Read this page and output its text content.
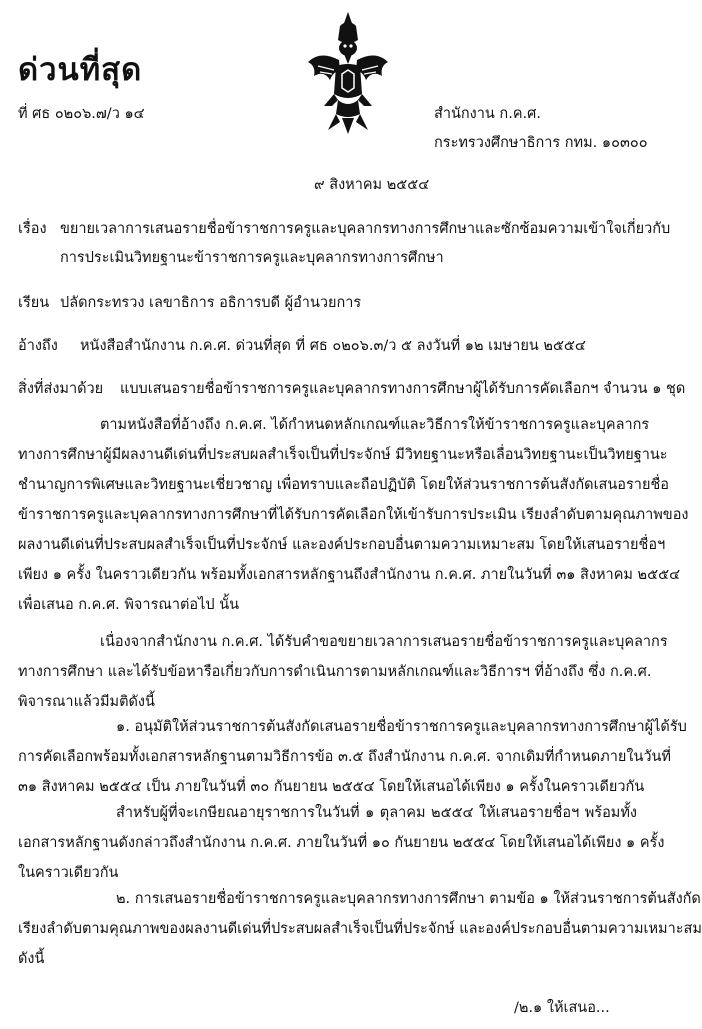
ด่วนที่สุด
ที่ ศธ ๐๒๐๖.๗/ว ๑๔	สำนักงาน ก.ค.ศ.
กระทรวงศึกษาธิการ กทม. ๑๐๓๐๐
๙ สิงหาคม ๒๕๕๔
เรื่อง ขยายเวลาการเสนอรายชื่อข้าราชการครูและบุคลากรทางการศึกษาและซักซ้อมความเข้าใจเกี่ยวกับ
การประเมินวิทยฐานะข้าราชการครูและบุคลากรทางการศึกษา
เรียน ปลัดกระทรวง เลขาธิการ อธิการบดี ผู้อำนวยการ
อ้างถึง หนังสือสำนักงาน ก.ค.ศ. ด่วนที่สุด ที่ ศธ ๐๒๐๖.๓/ว ๕ ลงวันที่ ๑๒ เมษายน ๒๕๕๔
สิ่งที่ส่งมาด้วย แบบเสนอรายชื่อข้าราชการครูและบุคลากรทางการศึกษาผู้ได้รับการคัดเลือกฯ จำนวน ๑ ชุด
ตามหนังสือที่อ้างถึง ก.ค.ศ. ได้กำหนดหลักเกณฑ์และวิธีการให้ข้าราชการครูและบุคลากร
ทางการศึกษาผู้มีผลงานดีเด่นที่ประสบผลสำเร็จเป็นที่ประจักษ์ มีวิทยฐานะหรือเลื่อนวิทยฐานะเป็นวิทยฐานะ
ชำนาญการพิเศษและวิทยฐานะเชี่ยวชาญ เพื่อทราบและถือปฏิบัติ โดยให้ส่วนราชการต้นสังกัดเสนอรายชื่อ
ข้าราชการครูและบุคลากรทางการศึกษาที่ได้รับการคัดเลือกให้เข้ารับการประเมิน เรียงลำดับตามคุณภาพของ
ผลงานดีเด่นที่ประสบผลสำเร็จเป็นที่ประจักษ์ และองค์ประกอบอื่นตามความเหมาะสม โดยให้เสนอรายชื่อฯ
เพียง ๑ ครั้ง ในคราวเดียวกัน พร้อมทั้งเอกสารหลักฐานถึงสำนักงาน ก.ค.ศ. ภายในวันที่ ๓๑ สิงหาคม ๒๕๕๔
เพื่อเสนอ ก.ค.ศ. พิจารณาต่อไป นั้น
เนื่องจากสำนักงาน ก.ค.ศ. ได้รับคำขอขยายเวลาการเสนอรายชื่อข้าราชการครูและบุคลากร
ทางการศึกษา และได้รับข้อหารือเกี่ยวกับการดำเนินการตามหลักเกณฑ์และวิธีการฯ ที่อ้างถึง ซึ่ง ก.ค.ศ.
พิจารณาแล้วมีมติดังนี้
๑. อนุมัติให้ส่วนราชการต้นสังกัดเสนอรายชื่อข้าราชการครูและบุคลากรทางการศึกษาผู้ได้รับ
การคัดเลือกพร้อมทั้งเอกสารหลักฐานตามวิธีการข้อ ๓.๕ ถึงสำนักงาน ก.ค.ศ. จากเดิมที่กำหนดภายในวันที่
๓๑ สิงหาคม ๒๕๕๔ เป็น ภายในวันที่ ๓๐ กันยายน ๒๕๕๔ โดยให้เสนอได้เพียง ๑ ครั้งในคราวเดียวกัน
สำหรับผู้ที่จะเกษียณอายุราชการในวันที่ ๑ ตุลาคม ๒๕๕๔ ให้เสนอรายชื่อฯ พร้อมทั้ง
เอกสารหลักฐานดังกล่าวถึงสำนักงาน ก.ค.ศ. ภายในวันที่ ๑๐ กันยายน ๒๕๕๔ โดยให้เสนอได้เพียง ๑ ครั้ง
ในคราวเดียวกัน
๒. การเสนอรายชื่อข้าราชการครูและบุคลากรทางการศึกษา ตามข้อ ๑ ให้ส่วนราชการต้นสังกัด
เรียงลำดับตามคุณภาพของผลงานดีเด่นที่ประสบผลสำเร็จเป็นที่ประจักษ์ และองค์ประกอบอื่นตามความเหมาะสม
ดังนี้
/๒.๑ ให้เสนอ...
